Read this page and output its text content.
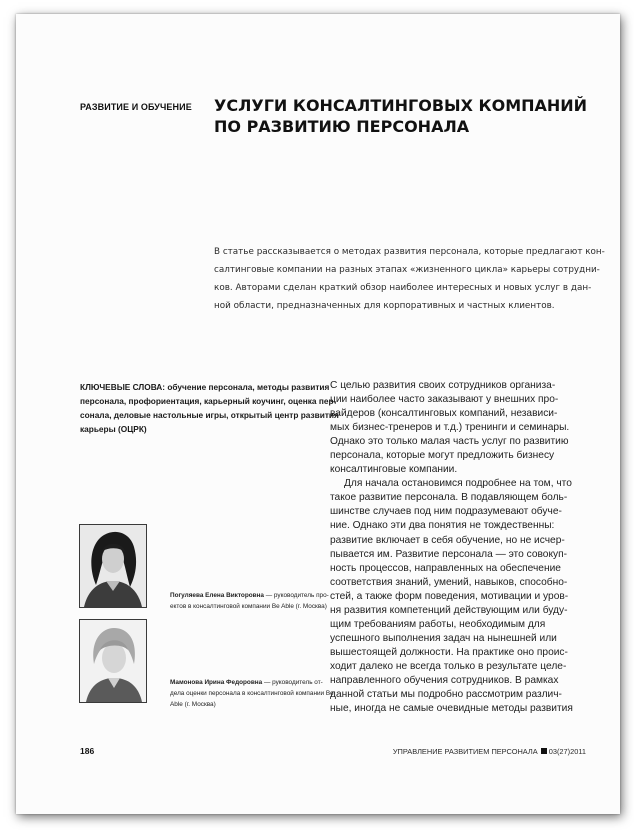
РАЗВИТИЕ И ОБУЧЕНИЕ УСЛУГИ КОНСАЛТИНГОВЫХ КОМПАНИЙ
ПО РАЗВИТИЮ ПЕРСОНАЛА
В статье рассказывается о методах развития персонала, которые предлагают кон-
салтинговые компании на разных этапах «жизненного цикла» карьеры сотрудни-
ков. Авторами сделан краткий обзор наиболее интересных и новых услуг в дан-
ной области, предназначенных для корпоративных и частных клиентов.
КЛЮЧЕВЫЕ СЛОВА: обучение персонала, методы развития
персонала, профориентация, карьерный коучинг, оценка пер-
сонала, деловые настольные игры, открытый центр развития
карьеры (ОЦРК)
Погуляева Елена Викторовна — руководитель про-
ектов в консалтинговой компании Be Able (г. Москва)
Мамонова Ирина Федоровна — руководитель от-
дела оценки персонала в консалтинговой компании Be
Able (г. Москва)
С целью развития своих сотрудников организа-
ции наиболее часто заказывают у внешних про-
вайдеров (консалтинговых компаний, независи-
мых бизнес-тренеров и т.д.) тренинги и семинары.
Однако это только малая часть услуг по развитию
персонала, которые могут предложить бизнесу
консалтинговые компании.
Для начала остановимся подробнее на том, что
такое развитие персонала. В подавляющем боль-
шинстве случаев под ним подразумевают обуче-
ние. Однако эти два понятия не тождественны:
развитие включает в себя обучение, но не исчер-
пывается им. Развитие персонала — это совокуп-
ность процессов, направленных на обеспечение
соответствия знаний, умений, навыков, способно-
стей, а также форм поведения, мотивации и уров-
ня развития компетенций действующим или буду-
щим требованиям работы, необходимым для
успешного выполнения задач на нынешней или
вышестоящей должности. На практике оно проис-
ходит далеко не всегда только в результате целе-
направленного обучения сотрудников. В рамках
данной статьи мы подробно рассмотрим различ-
ные, иногда не самые очевидные методы развития
186	УПРАВЛЕНИЕ РАЗВИТИЕМ ПЕРСОНАЛА 03(27)2011
